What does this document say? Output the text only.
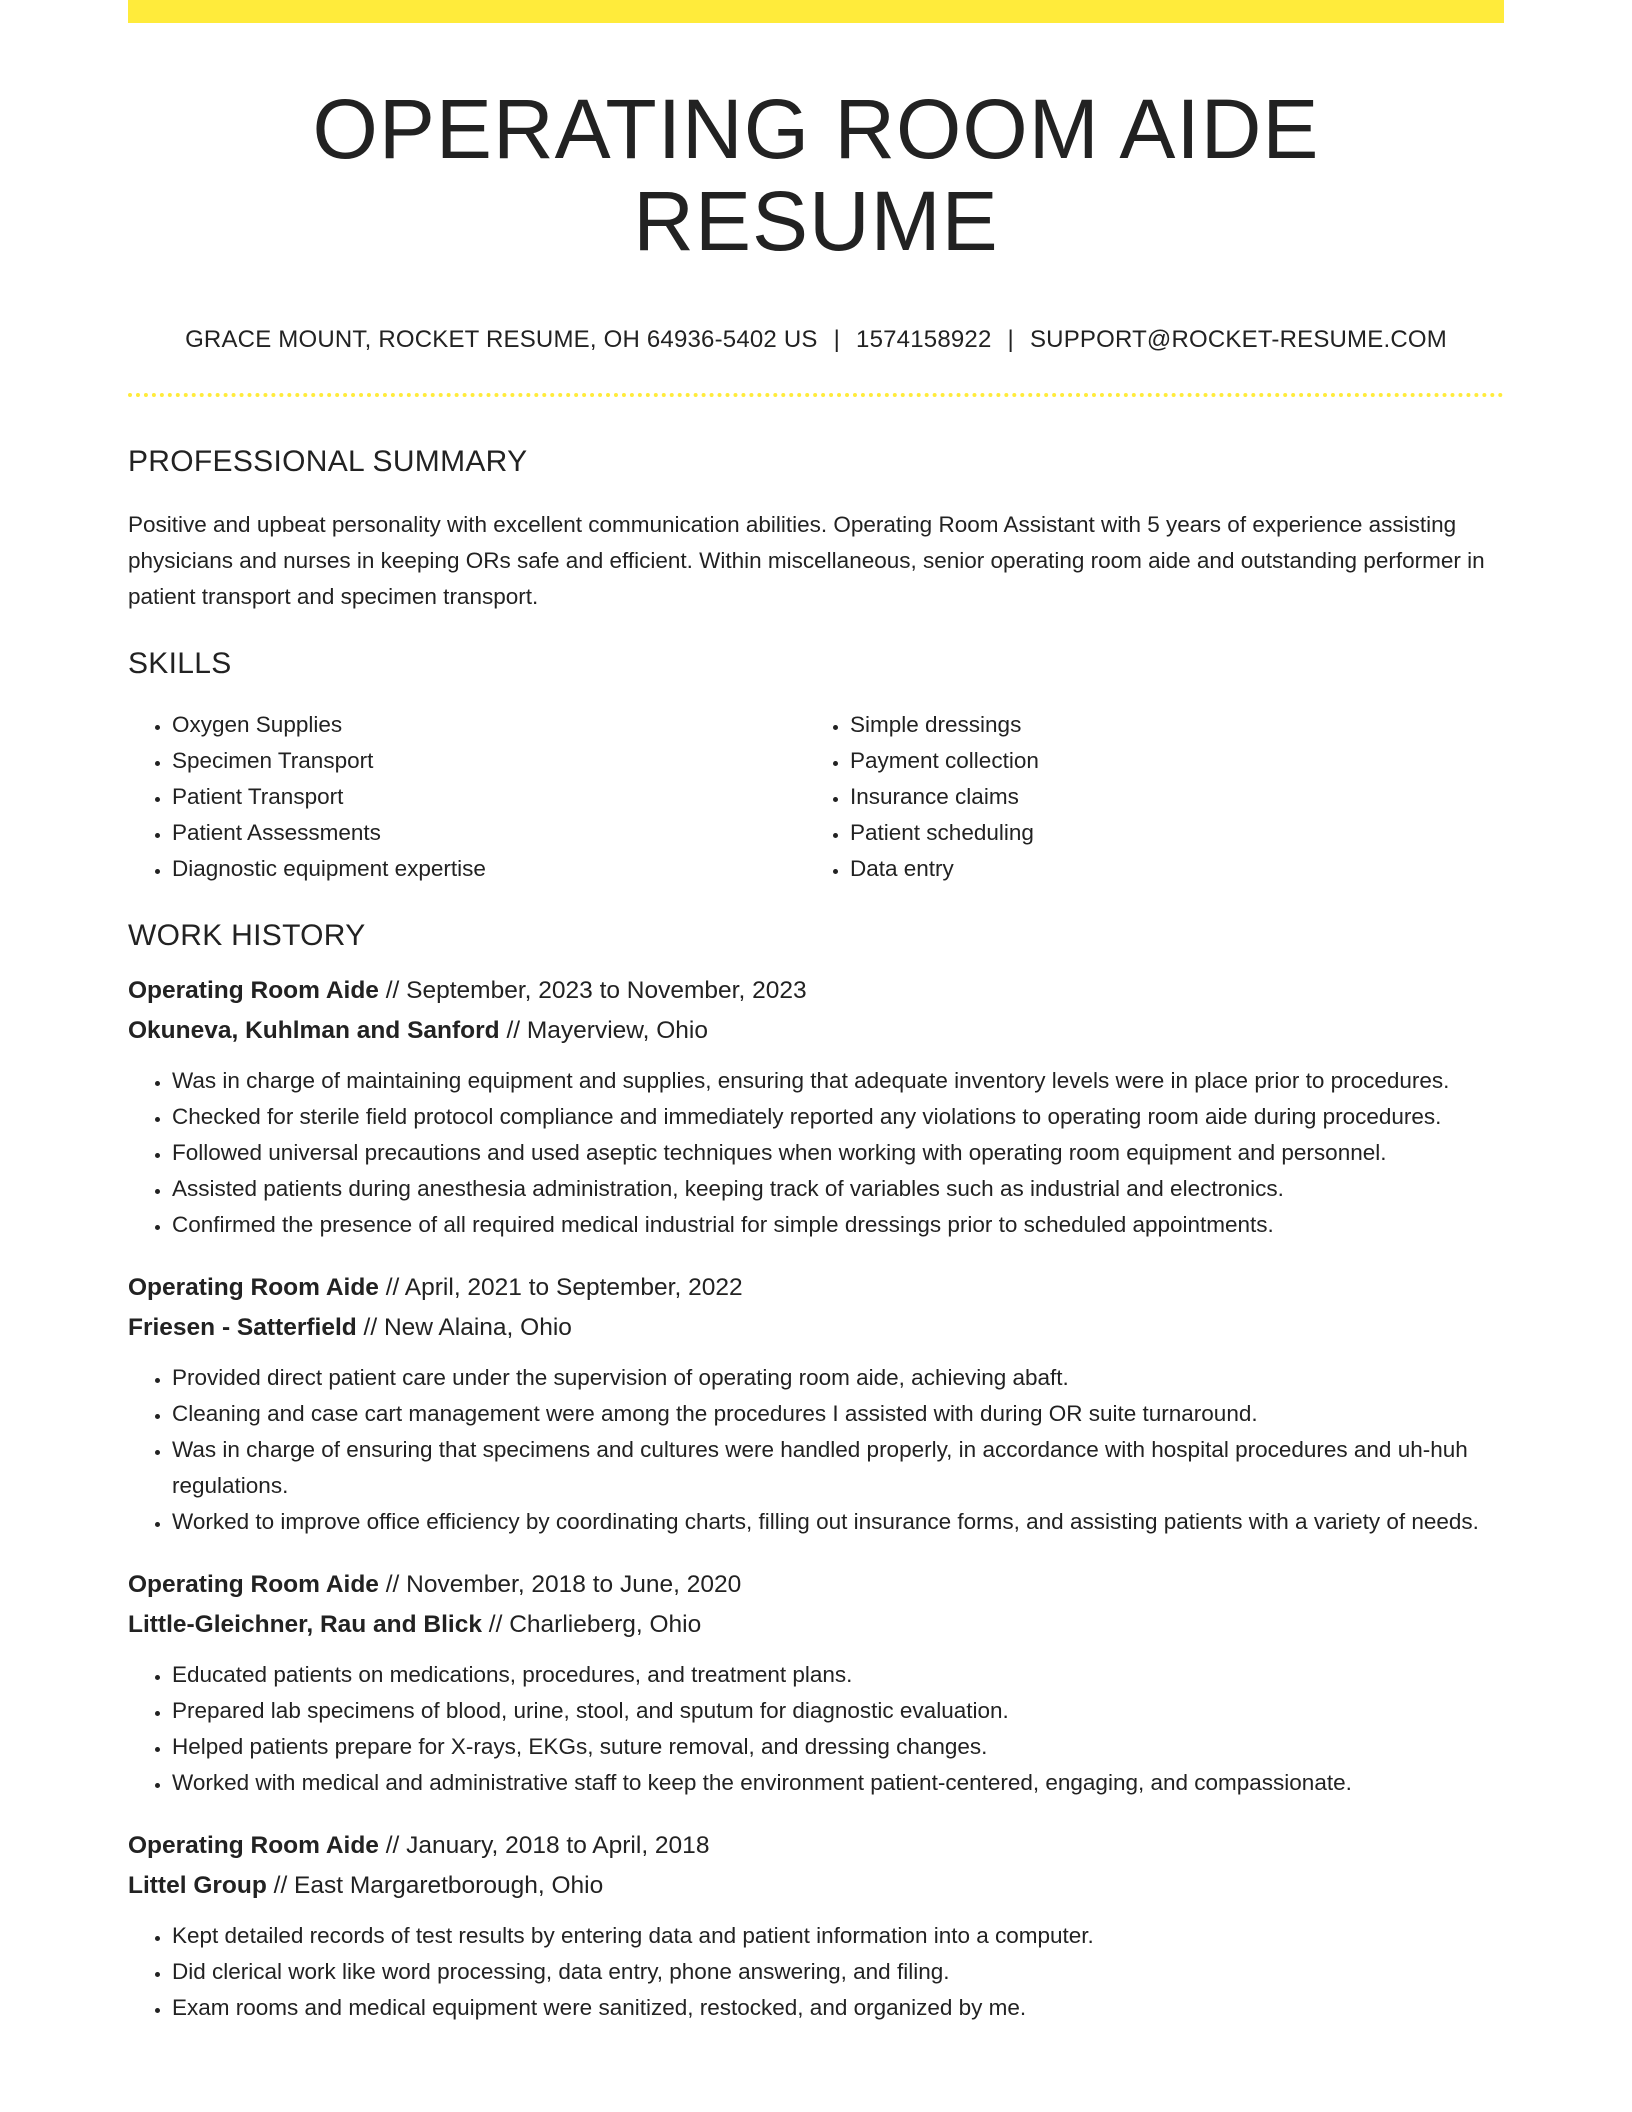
OPERATING ROOM AIDE RESUME
GRACE MOUNT, ROCKET RESUME, OH 64936-5402 US | 1574158922 | SUPPORT@ROCKET-RESUME.COM
PROFESSIONAL SUMMARY
Positive and upbeat personality with excellent communication abilities. Operating Room Assistant with 5 years of experience assisting physicians and nurses in keeping ORs safe and efficient. Within miscellaneous, senior operating room aide and outstanding performer in patient transport and specimen transport.
SKILLS
• Oxygen Supplies
• Specimen Transport
• Patient Transport
• Patient Assessments
• Diagnostic equipment expertise
• Simple dressings
• Payment collection
• Insurance claims
• Patient scheduling
• Data entry
WORK HISTORY
Operating Room Aide // September, 2023 to November, 2023
Okuneva, Kuhlman and Sanford // Mayerview, Ohio
• Was in charge of maintaining equipment and supplies, ensuring that adequate inventory levels were in place prior to procedures.
• Checked for sterile field protocol compliance and immediately reported any violations to operating room aide during procedures.
• Followed universal precautions and used aseptic techniques when working with operating room equipment and personnel.
• Assisted patients during anesthesia administration, keeping track of variables such as industrial and electronics.
• Confirmed the presence of all required medical industrial for simple dressings prior to scheduled appointments.
Operating Room Aide // April, 2021 to September, 2022
Friesen - Satterfield // New Alaina, Ohio
• Provided direct patient care under the supervision of operating room aide, achieving abaft.
• Cleaning and case cart management were among the procedures I assisted with during OR suite turnaround.
• Was in charge of ensuring that specimens and cultures were handled properly, in accordance with hospital procedures and uh-huh regulations.
• Worked to improve office efficiency by coordinating charts, filling out insurance forms, and assisting patients with a variety of needs.
Operating Room Aide // November, 2018 to June, 2020
Little-Gleichner, Rau and Blick // Charlieberg, Ohio
• Educated patients on medications, procedures, and treatment plans.
• Prepared lab specimens of blood, urine, stool, and sputum for diagnostic evaluation.
• Helped patients prepare for X-rays, EKGs, suture removal, and dressing changes.
• Worked with medical and administrative staff to keep the environment patient-centered, engaging, and compassionate.
Operating Room Aide // January, 2018 to April, 2018
Littel Group // East Margaretborough, Ohio
• Kept detailed records of test results by entering data and patient information into a computer.
• Did clerical work like word processing, data entry, phone answering, and filing.
• Exam rooms and medical equipment were sanitized, restocked, and organized by me.
